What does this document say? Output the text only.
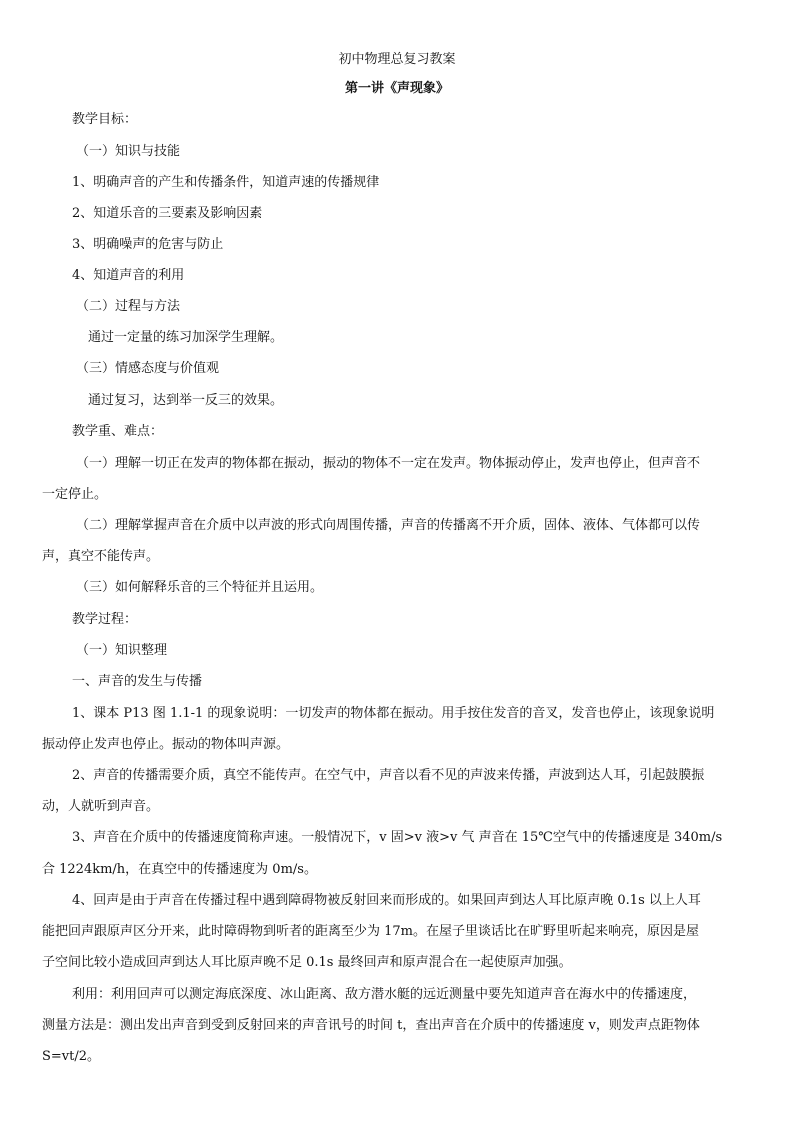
初中物理总复习教案
第一讲《声现象》
教学目标：
（一）知识与技能
1、明确声音的产生和传播条件，知道声速的传播规律
2、知道乐音的三要素及影响因素
3、明确噪声的危害与防止
4、知道声音的利用
（二）过程与方法
通过一定量的练习加深学生理解。
（三）情感态度与价值观
通过复习，达到举一反三的效果。
教学重、难点：
（一）理解一切正在发声的物体都在振动，振动的物体不一定在发声。物体振动停止，发声也停止，但声音不
一定停止。
（二）理解掌握声音在介质中以声波的形式向周围传播，声音的传播离不开介质，固体、液体、气体都可以传
声，真空不能传声。
（三）如何解释乐音的三个特征并且运用。
教学过程：
（一）知识整理
一、声音的发生与传播
1、课本 P13 图 1.1-1 的现象说明：一切发声的物体都在振动。用手按住发音的音叉，发音也停止，该现象说明
振动停止发声也停止。振动的物体叫声源。
2、声音的传播需要介质，真空不能传声。在空气中，声音以看不见的声波来传播，声波到达人耳，引起鼓膜振
动，人就听到声音。
3、声音在介质中的传播速度简称声速。一般情况下，v 固>v 液>v 气 声音在 15℃空气中的传播速度是 340m/s
合 1224km/h，在真空中的传播速度为 0m/s。
4、回声是由于声音在传播过程中遇到障碍物被反射回来而形成的。如果回声到达人耳比原声晚 0.1s 以上人耳
能把回声跟原声区分开来，此时障碍物到听者的距离至少为 17m。在屋子里谈话比在旷野里听起来响亮，原因是屋
子空间比较小造成回声到达人耳比原声晚不足 0.1s 最终回声和原声混合在一起使原声加强。
利用：利用回声可以测定海底深度、冰山距离、敌方潜水艇的远近测量中要先知道声音在海水中的传播速度，
测量方法是：测出发出声音到受到反射回来的声音讯号的时间 t，查出声音在介质中的传播速度 v，则发声点距物体
S=vt/2。
